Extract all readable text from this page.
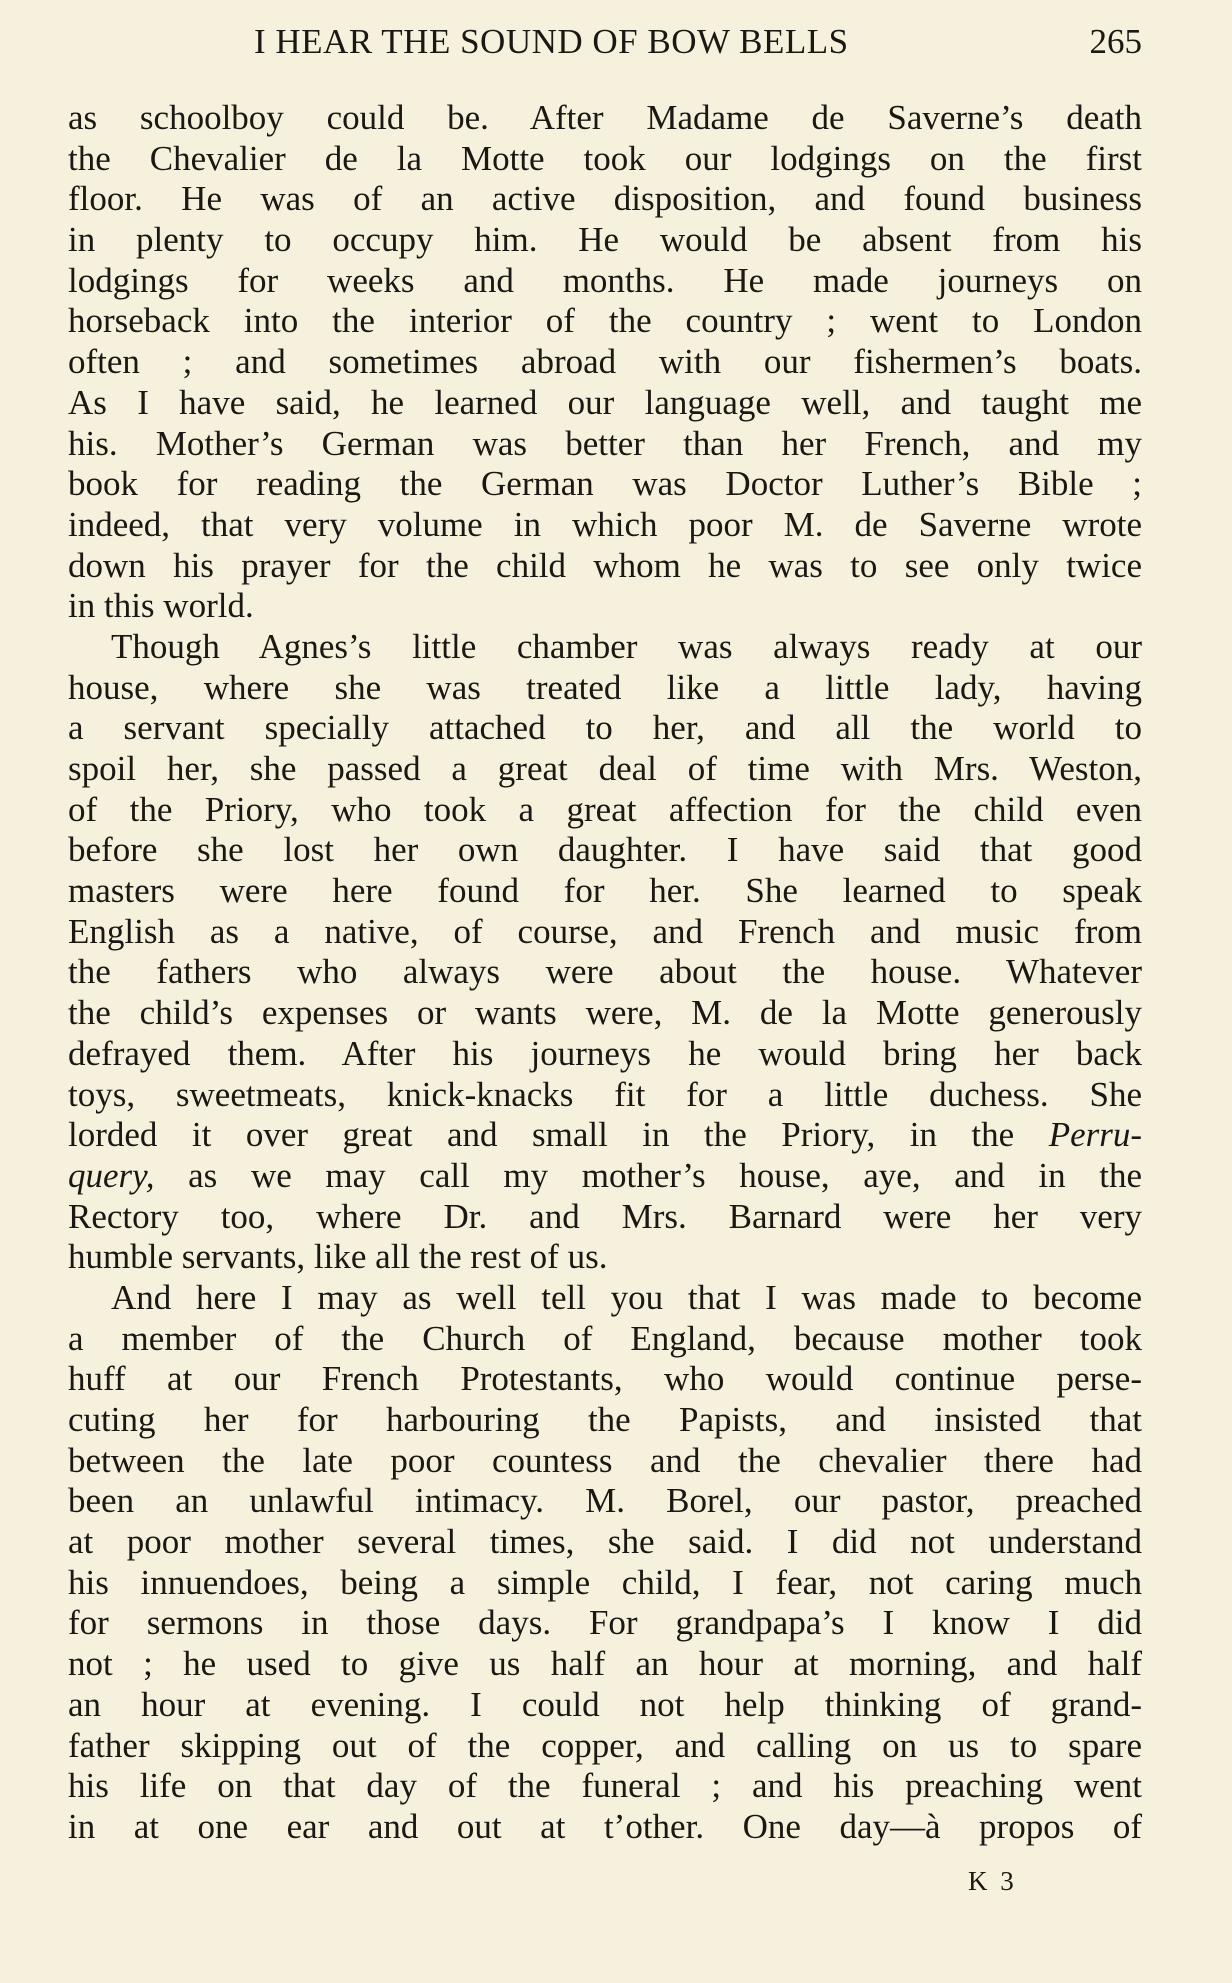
I HEAR THE SOUND OF BOW BELLS	265
as schoolboy could be. After Madame de Saverne’s death
the Chevalier de la Motte took our lodgings on the first
floor. He was of an active disposition, and found business
in plenty to occupy him. He would be absent from his
lodgings for weeks and months. He made journeys on
horseback into the interior of the country ; went to London
often ; and sometimes abroad with our fishermen’s boats.
As I have said, he learned our language well, and taught me
his. Mother’s German was better than her French, and my
book for reading the German was Doctor Luther’s Bible ;
indeed, that very volume in which poor M. de Saverne wrote
down his prayer for the child whom he was to see only twice
in this world.
Though Agnes’s little chamber was always ready at our
house, where she was treated like a little lady, having
a servant specially attached to her, and all the world to
spoil her, she passed a great deal of time with Mrs. Weston,
of the Priory, who took a great affection for the child even
before she lost her own daughter. I have said that good
masters were here found for her. She learned to speak
English as a native, of course, and French and music from
the fathers who always were about the house. Whatever
the child’s expenses or wants were, M. de la Motte generously
defrayed them. After his journeys he would bring her back
toys, sweetmeats, knick-knacks fit for a little duchess. She
lorded it over great and small in the Priory, in the Perru-
query, as we may call my mother’s house, aye, and in the
Rectory too, where Dr. and Mrs. Barnard were her very
humble servants, like all the rest of us.
And here I may as well tell you that I was made to become
a member of the Church of England, because mother took
huff at our French Protestants, who would continue perse-
cuting her for harbouring the Papists, and insisted that
between the late poor countess and the chevalier there had
been an unlawful intimacy. M. Borel, our pastor, preached
at poor mother several times, she said. I did not understand
his innuendoes, being a simple child, I fear, not caring much
for sermons in those days. For grandpapa’s I know I did
not ; he used to give us half an hour at morning, and half
an hour at evening. I could not help thinking of grand-
father skipping out of the copper, and calling on us to spare
his life on that day of the funeral ; and his preaching went
in at one ear and out at t’other. One day—à propos of
K 3
